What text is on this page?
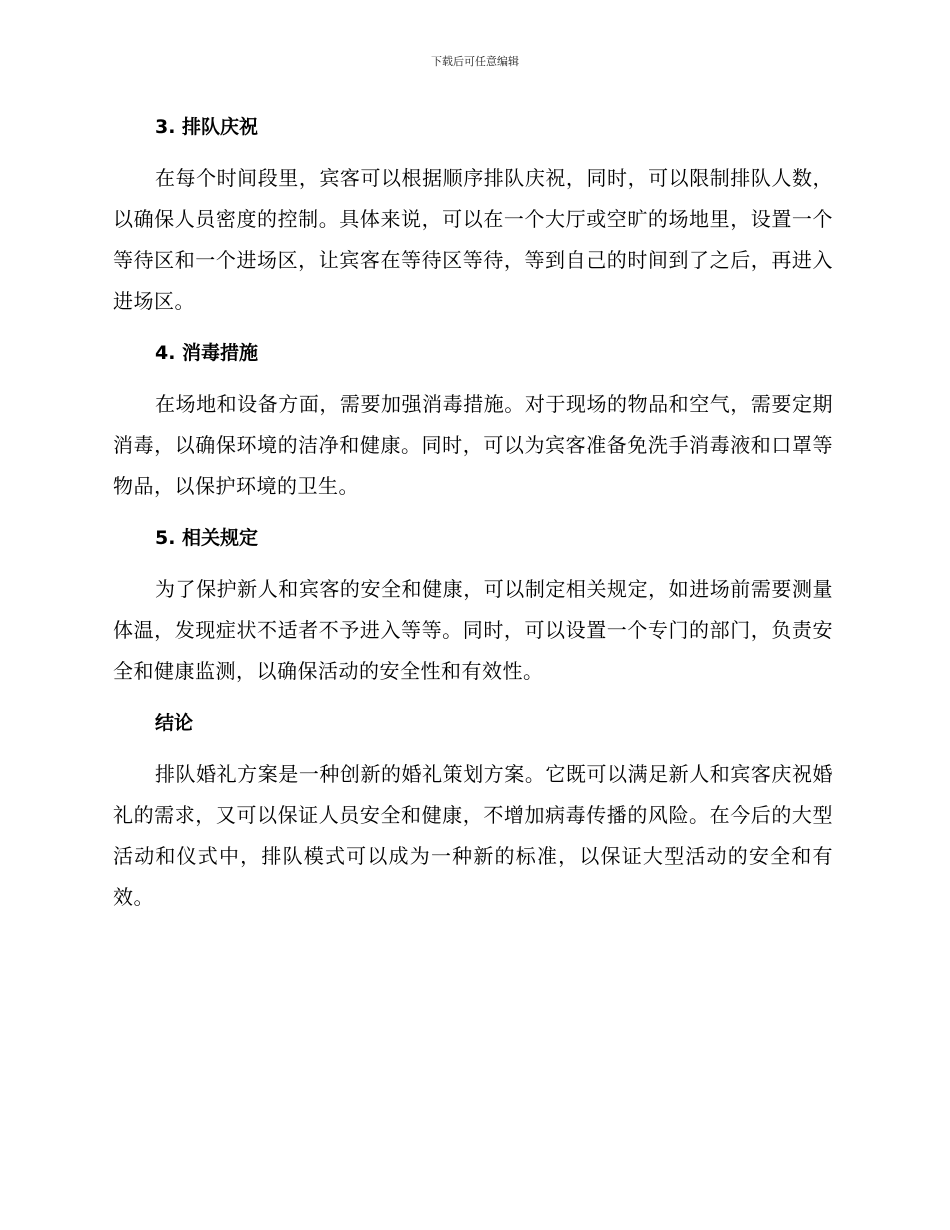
下载后可任意编辑
3. 排队庆祝

在每个时间段里，宾客可以根据顺序排队庆祝，同时，可以限制排队人数，以确保人员密度的控制。具体来说，可以在一个大厅或空旷的场地里，设置一个等待区和一个进场区，让宾客在等待区等待，等到自己的时间到了之后，再进入进场区。

4. 消毒措施

在场地和设备方面，需要加强消毒措施。对于现场的物品和空气，需要定期消毒，以确保环境的洁净和健康。同时，可以为宾客准备免洗手消毒液和口罩等物品，以保护环境的卫生。

5. 相关规定

为了保护新人和宾客的安全和健康，可以制定相关规定，如进场前需要测量体温，发现症状不适者不予进入等等。同时，可以设置一个专门的部门，负责安全和健康监测，以确保活动的安全性和有效性。

结论

排队婚礼方案是一种创新的婚礼策划方案。它既可以满足新人和宾客庆祝婚礼的需求，又可以保证人员安全和健康，不增加病毒传播的风险。在今后的大型活动和仪式中，排队模式可以成为一种新的标准，以保证大型活动的安全和有效。
